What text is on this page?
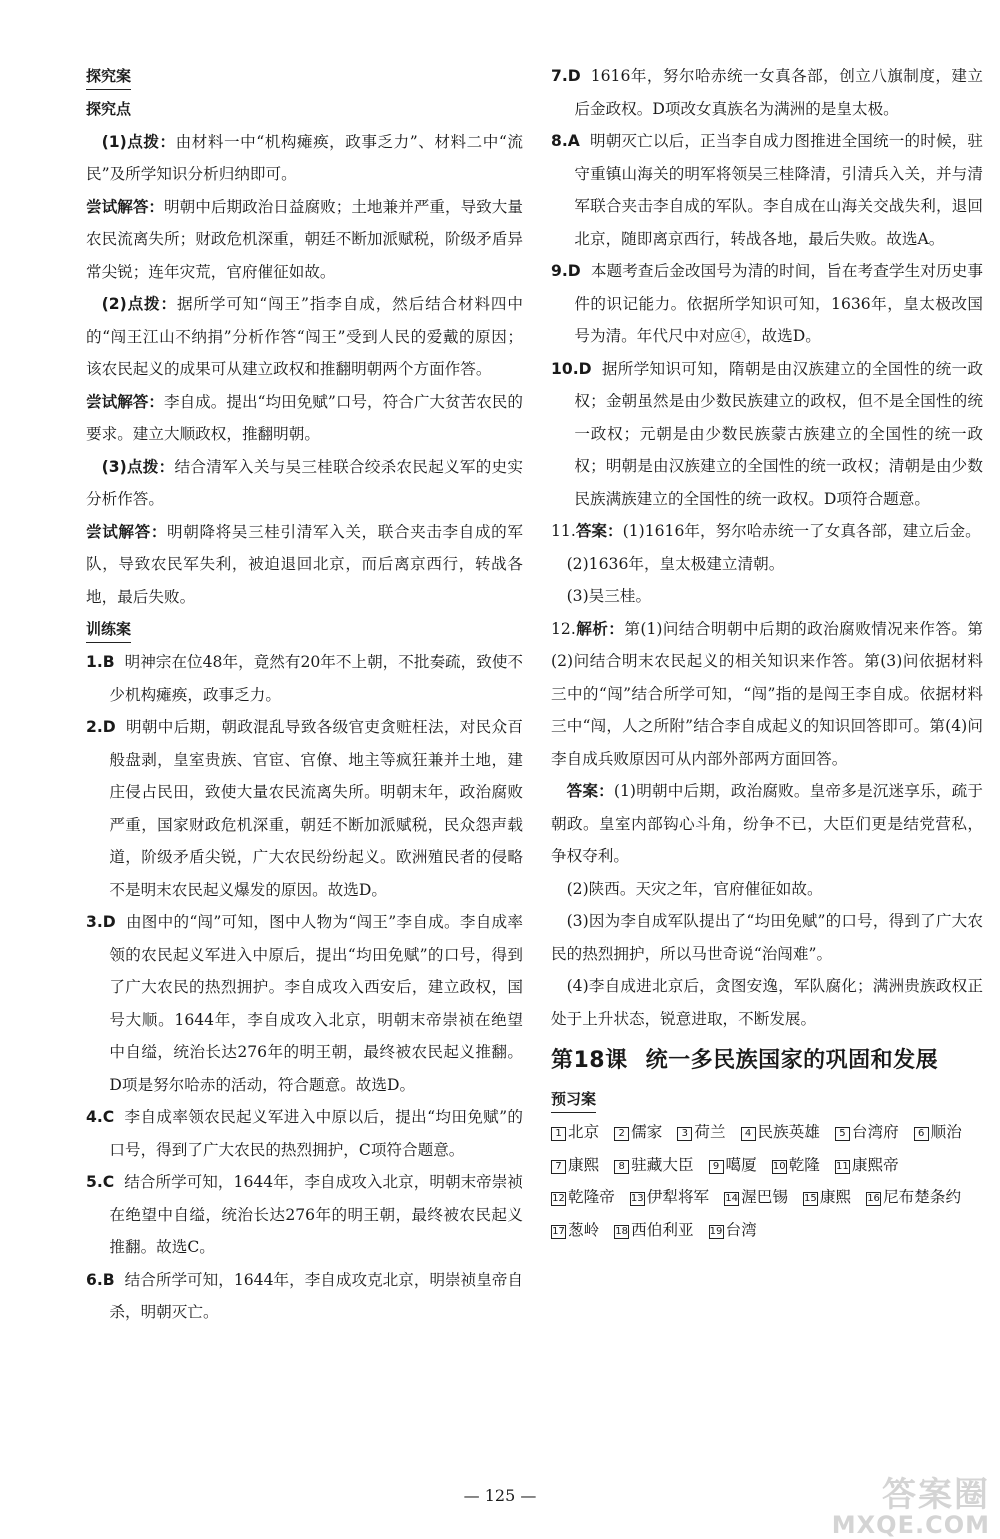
探究案
探究点

(1)点拨：由材料一中“机构瘫痪，政事乏力”、材料二中“流民”及所学知识分析归纳即可。

尝试解答：明朝中后期政治日益腐败；土地兼并严重，导致大量农民流离失所；财政危机深重，朝廷不断加派赋税，阶级矛盾异常尖锐；连年灾荒，官府催征如故。

(2)点拨：据所学可知“闯王”指李自成，然后结合材料四中的“闯王江山不纳捐”分析作答“闯王”受到人民的爱戴的原因；该农民起义的成果可从建立政权和推翻明朝两个方面作答。

尝试解答：李自成。提出“均田免赋”口号，符合广大贫苦农民的要求。建立大顺政权，推翻明朝。

(3)点拨：结合清军入关与吴三桂联合绞杀农民起义军的史实分析作答。

尝试解答：明朝降将吴三桂引清军入关，联合夹击李自成的军队，导致农民军失利，被迫退回北京，而后离京西行，转战各地，最后失败。

训练案

1.B 明神宗在位48年，竟然有20年不上朝，不批奏疏，致使不少机构瘫痪，政事乏力。

2.D 明朝中后期，朝政混乱导致各级官吏贪赃枉法，对民众百般盘剥，皇室贵族、官宦、官僚、地主等疯狂兼并土地，建庄侵占民田，致使大量农民流离失所。明朝末年，政治腐败严重，国家财政危机深重，朝廷不断加派赋税，民众怨声载道，阶级矛盾尖锐，广大农民纷纷起义。欧洲殖民者的侵略不是明末农民起义爆发的原因。故选D。

3.D 由图中的“闯”可知，图中人物为“闯王”李自成。李自成率领的农民起义军进入中原后，提出“均田免赋”的口号，得到了广大农民的热烈拥护。李自成攻入西安后，建立政权，国号大顺。1644年，李自成攻入北京，明朝末帝崇祯在绝望中自缢，统治长达276年的明王朝，最终被农民起义推翻。D项是努尔哈赤的活动，符合题意。故选D。

4.C 李自成率领农民起义军进入中原以后，提出“均田免赋”的口号，得到了广大农民的热烈拥护，C项符合题意。

5.C 结合所学可知，1644年，李自成攻入北京，明朝末帝崇祯在绝望中自缢，统治长达276年的明王朝，最终被农民起义推翻。故选C。

6.B 结合所学可知，1644年，李自成攻克北京，明崇祯皇帝自杀，明朝灭亡。

7.D 1616年，努尔哈赤统一女真各部，创立八旗制度，建立后金政权。D项改女真族名为满洲的是皇太极。

8.A 明朝灭亡以后，正当李自成力图推进全国统一的时候，驻守重镇山海关的明军将领吴三桂降清，引清兵入关，并与清军联合夹击李自成的军队。李自成在山海关交战失利，退回北京，随即离京西行，转战各地，最后失败。故选A。

9.D 本题考查后金改国号为清的时间，旨在考查学生对历史事件的识记能力。依据所学知识可知，1636年，皇太极改国号为清。年代尺中对应④，故选D。

10.D 据所学知识可知，隋朝是由汉族建立的全国性的统一政权；金朝虽然是由少数民族建立的政权，但不是全国性的统一政权；元朝是由少数民族蒙古族建立的全国性的统一政权；明朝是由汉族建立的全国性的统一政权；清朝是由少数民族满族建立的全国性的统一政权。D项符合题意。

11.答案：(1)1616年，努尔哈赤统一了女真各部，建立后金。

(2)1636年，皇太极建立清朝。

(3)吴三桂。

12.解析：第(1)问结合明朝中后期的政治腐败情况来作答。第(2)问结合明末农民起义的相关知识来作答。第(3)问依据材料三中的“闯”结合所学可知，“闯”指的是闯王李自成。依据材料三中“闯，人之所附”结合李自成起义的知识回答即可。第(4)问李自成兵败原因可从内部外部两方面回答。

答案：(1)明朝中后期，政治腐败。皇帝多是沉迷享乐，疏于朝政。皇室内部钩心斗角，纷争不已，大臣们更是结党营私，争权夺利。

(2)陕西。天灾之年，官府催征如故。

(3)因为李自成军队提出了“均田免赋”的口号，得到了广大农民的热烈拥护，所以马世奇说“治闯难”。

(4)李自成进北京后，贪图安逸，军队腐化；满洲贵族政权正处于上升状态，锐意进取，不断发展。

第18课 统一多民族国家的巩固和发展
预习案
1 北京 2 儒家 3 荷兰 4 民族英雄 5 台湾府 6 顺治 7 康熙 8 驻藏大臣 9 噶厦 10 乾隆 11 康熙帝 12 乾隆帝 13 伊犁将军 14 渥巴锡 15 康熙 16 尼布楚条约 17 葱岭 18 西伯利亚 19 台湾
— 125 —	答案圈
MXQE.COM
